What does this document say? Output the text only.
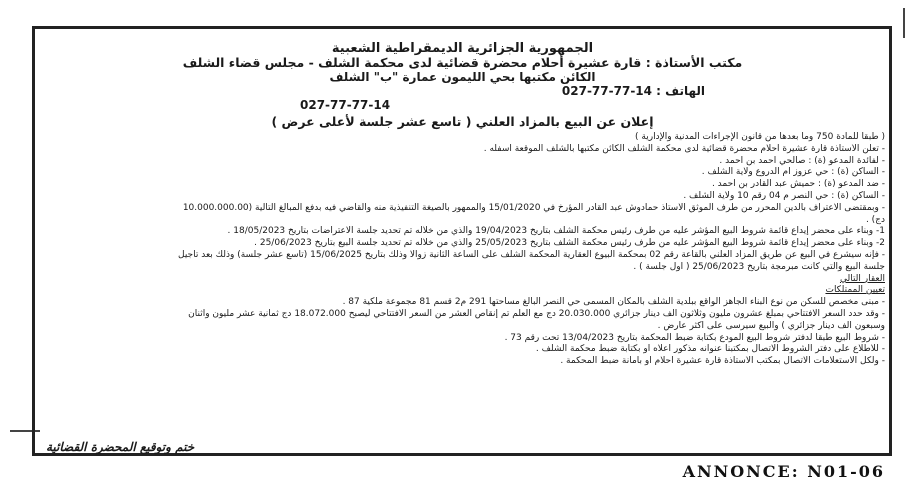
الجمهورية الجزائرية الديمقراطية الشعبية

مكتب الأستاذة : قارة عشيرة أحلام محضرة قضائية لدى محكمة الشلف - مجلس قضاء الشلف

الكائن مكتبها بحي الليمون عمارة "ب" الشلف

الهاتف : 14-77-77-027

027-77-77-14

إعلان عن البيع بالمزاد العلني ( تاسع عشر جلسة لأعلى عرض )

( طبقا للمادة 750 وما بعدها من قانون الإجراءات المدنية والإدارية )

- تعلن الأستاذة قارة عشيرة أحلام محضرة قضائية لدى محكمة الشلف الكائن مكتبها بالشلف الموقعة أسفله .

- لفائدة المدعو (ة) : صالحي أحمد بن أحمد .

- الساكن (ة) : حي عزوز أم الدروع ولاية الشلف .

- ضد المدعو (ة) : حميش عبد القادر بن أحمد .

- الساكن (ة) : حي النصر م 04 رقم 10 ولاية الشلف .

- وبمقتضى الاعتراف بالدين المحرر من طرف الموثق الأستاذ حمادوش عبد القادر المؤرخ في 15/01/2020 والممهور بالصيغة التنفيذية منه والقاضي فيه بدفع المبالغ التالية (10.000.000.00

دج) .

1- وبناء على محضر إيداع قائمة شروط البيع المؤشر عليه من طرف رئيس محكمة الشلف بتاريخ 19/04/2023 والذي من خلاله تم تحديد جلسة الاعتراضات بتاريخ 18/05/2023 .

2- وبناء على محضر إيداع قائمة شروط البيع المؤشر عليه من طرف رئيس محكمة الشلف بتاريخ 25/05/2023 والذي من خلاله تم تحديد جلسة البيع بتاريخ 25/06/2023 .

- فإنه سيشرع في البيع عن طريق المزاد العلني بالقاعة رقم 02 بمحكمة البيوع العقارية المحكمة الشلف على الساعة الثانية زوالا وذلك بتاريخ 15/06/2025 (تاسع عشر جلسة) وذلك بعد تأجيل

جلسة البيع والتي كانت مبرمجة بتاريخ 25/06/2023 ( أول جلسة ) .

العقار التالي

تعيين الممتلكات

- مبنى مخصص للسكن من نوع البناء الجاهز الواقع ببلدية الشلف بالمكان المسمى حي النصر البالغ مساحتها 291 م2 قسم 81 مجموعة ملكية 87 .

- وقد حدد السعر الافتتاحي بمبلغ عشرون مليون وثلاثون ألف دينار جزائري 20.030.000 دج مع العلم تم إنقاص العشر من السعر الافتتاحي ليصبح 18.072.000 دج ثمانية عشر مليون واثنان

وسبعون ألف دينار جزائري ) والبيع سيرسى على أكثر عارض .

- شروط البيع طبقا لدفتر شروط البيع المودع بكتابة ضبط المحكمة بتاريخ 13/04/2023 تحت رقم 73 .

- للاطلاع على دفتر الشروط الاتصال بمكتبنا عنوانه مذكور أعلاه أو بكتابة ضبط محكمة الشلف .

- ولكل الاستعلامات الاتصال بمكتب الأستاذة قارة عشيرة أحلام أو بأمانة ضبط المحكمة .

ختم وتوقيع المحضرة القضائية
ANNONCE: N01-06
